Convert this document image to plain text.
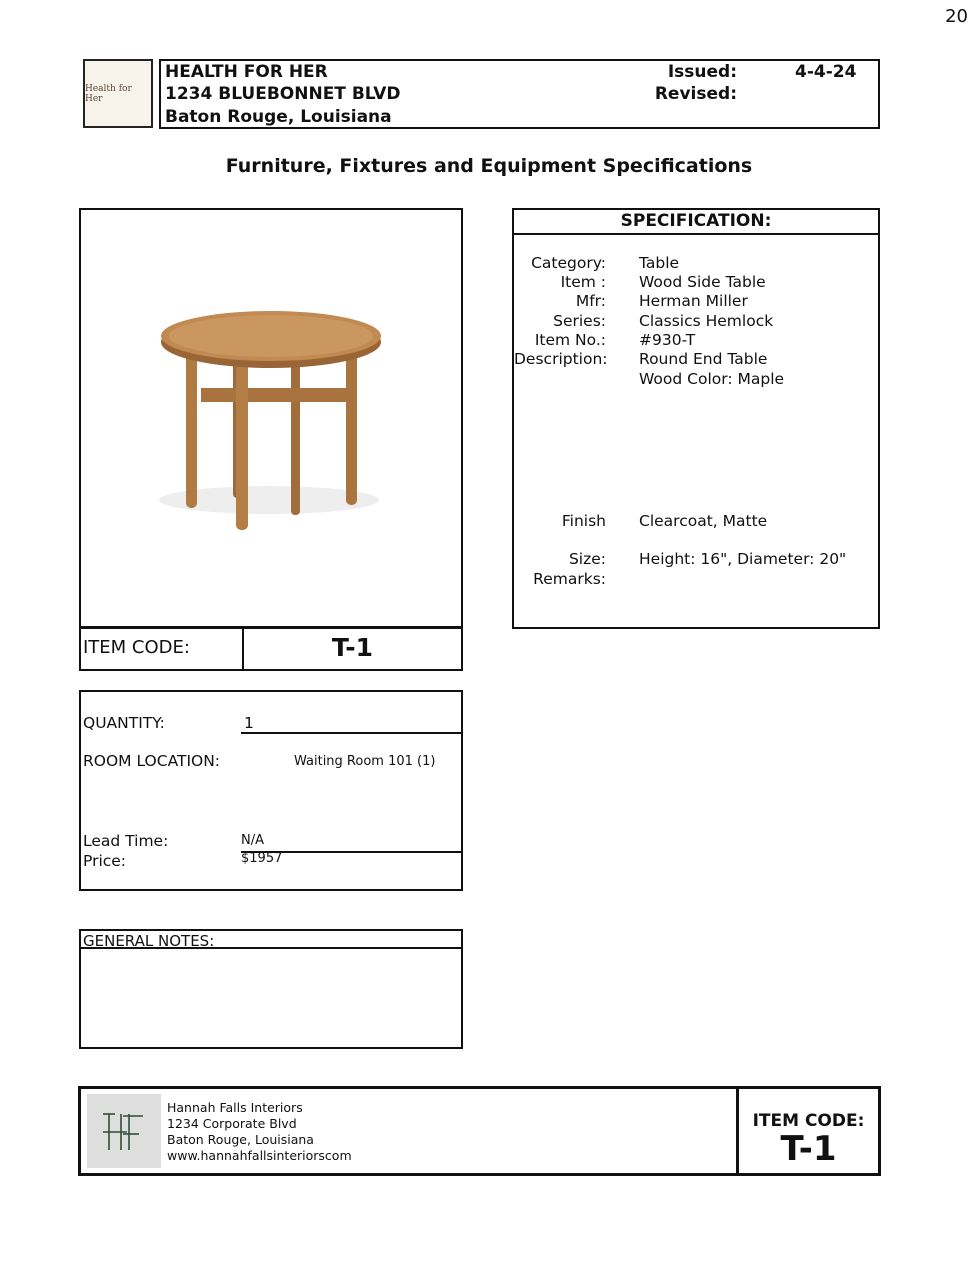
20
Health for Her
HEALTH FOR HER
1234 BLUEBONNET BLVD
Baton Rouge, Louisiana
Issued:	4-4-24
Revised:
Furniture, Fixtures and Equipment Specifications
ITEM CODE:	T-1
SPECIFICATION:
Category: Table
Item : Wood Side Table
Mfr: Herman Miller
Series: Classics Hemlock
Item No.: #930-T
Description: Round End Table
Wood Color: Maple
Finish Clearcoat, Matte
Size: Height: 16", Diameter: 20"
Remarks:
QUANTITY:	1
ROOM LOCATION:	Waiting Room 101 (1)
Lead Time:	N/A
Price:	$1957
GENERAL NOTES:
Hannah Falls Interiors
1234 Corporate Blvd
Baton Rouge, Louisiana
www.hannahfallsinteriorscom
ITEM CODE:
T-1
